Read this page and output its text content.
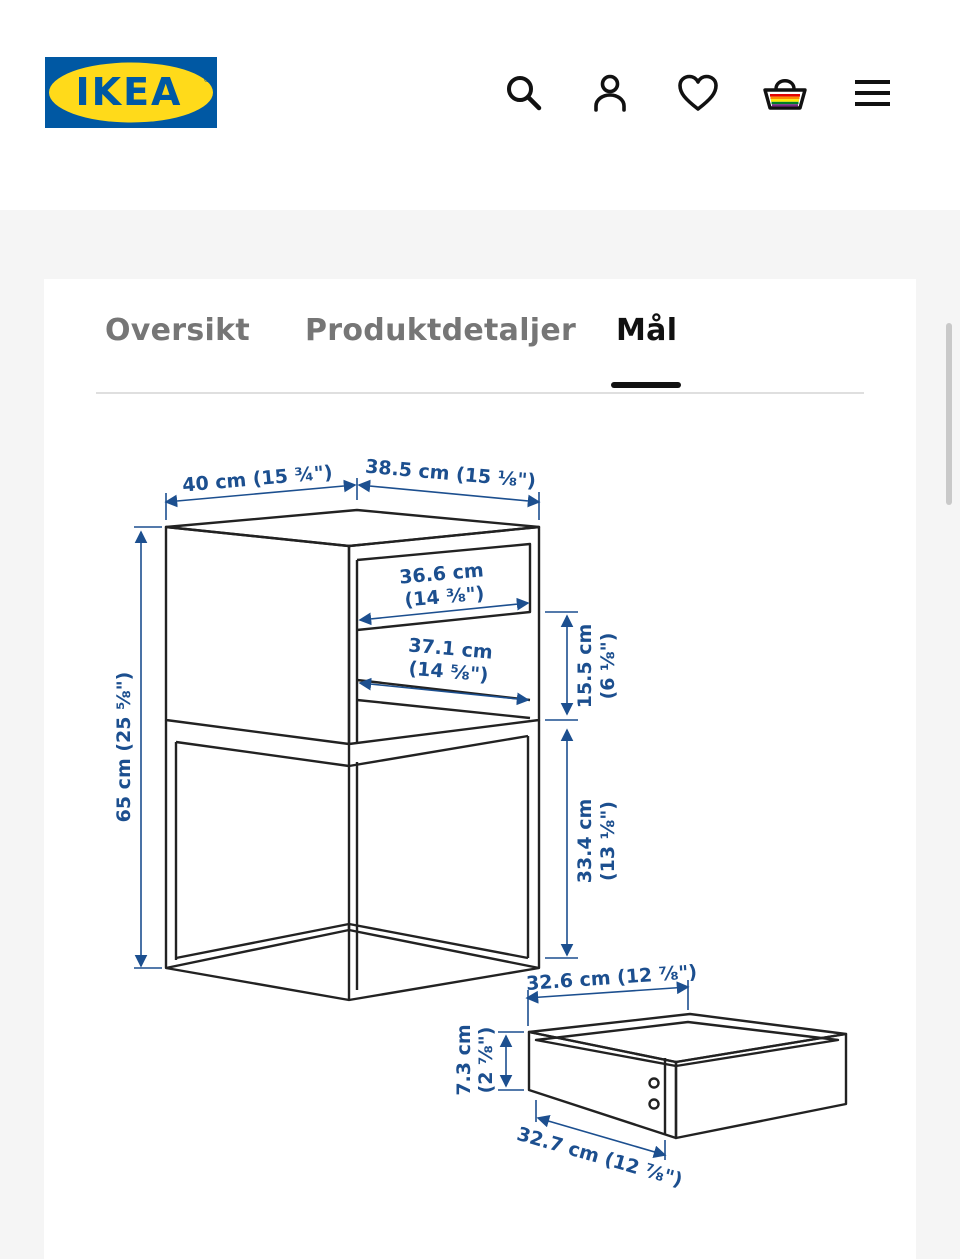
IKEA	®
Oversikt Produktdetaljer Mål
40 cm (15 ¾") 38.5 cm (15 ⅛")
65 cm (25 ⅝")
36.6 cm
(14 ⅜")
37.1 cm
(14 ⅝")	15.5 cm (6 ⅛")
33.4 cm (13 ⅛")
32.6 cm (12 ⅞")
7.3 cm (2 ⅞")
32.7 cm (12 ⅞")
